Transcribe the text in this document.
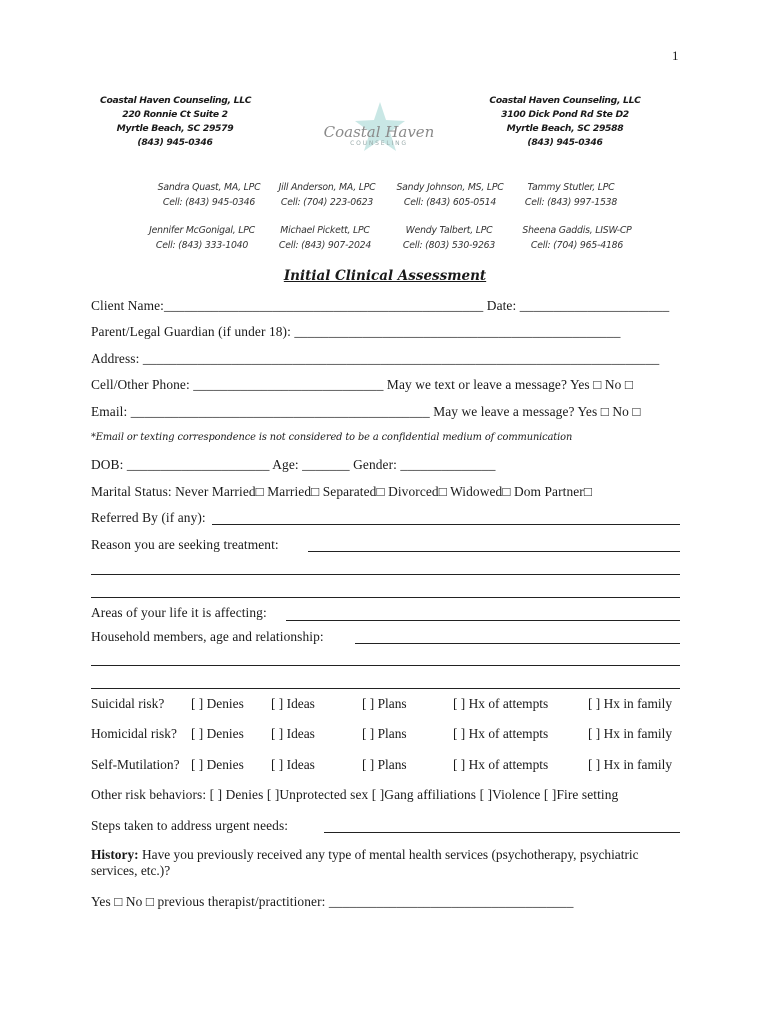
1
Coastal Haven Counseling, LLC
220 Ronnie Ct Suite 2
Myrtle Beach, SC 29579
(843) 945-0346
Coastal Haven Counseling, LLC
3100 Dick Pond Rd Ste D2
Myrtle Beach, SC 29588
(843) 945-0346
Coastal Haven
COUNSELING
Sandra Quast, MA, LPC
Cell: (843) 945-0346
Jill Anderson, MA, LPC
Cell: (704) 223-0623
Sandy Johnson, MS, LPC
Cell: (843) 605-0514
Tammy Stutler, LPC
Cell: (843) 997-1538
Jennifer McGonigal, LPC
Cell: (843) 333-1040
Michael Pickett, LPC
Cell: (843) 907-2024
Wendy Talbert, LPC
Cell: (803) 530-9263
Sheena Gaddis, LISW-CP
Cell: (704) 965-4186
Initial Clinical Assessment
Client Name:_______________________________________________ Date: ______________________
Parent/Legal Guardian (if under 18): ________________________________________________
Address: ____________________________________________________________________________
Cell/Other Phone: ____________________________ May we text or leave a message? Yes □ No □
Email: ____________________________________________ May we leave a message? Yes □ No □
*Email or texting correspondence is not considered to be a confidential medium of communication
DOB: _____________________ Age: _______ Gender: ______________
Marital Status: Never Married□ Married□ Separated□ Divorced□ Widowed□ Dom Partner□
Referred By (if any):
Reason you are seeking treatment:
Areas of your life it is affecting:
Household members, age and relationship:
Suicidal risk? [ ] Denies [ ] Ideas	[ ] Plans	[ ] Hx of attempts	[ ] Hx in family
Homicidal risk? [ ] Denies [ ] Ideas	[ ] Plans	[ ] Hx of attempts	[ ] Hx in family
Self-Mutilation? [ ] Denies [ ] Ideas	[ ] Plans	[ ] Hx of attempts	[ ] Hx in family
Other risk behaviors: [ ] Denies [ ]Unprotected sex [ ]Gang affiliations [ ]Violence [ ]Fire setting
Steps taken to address urgent needs:
History: Have you previously received any type of mental health services (psychotherapy, psychiatric services, etc.)?
Yes □ No □ previous therapist/practitioner: ____________________________________
